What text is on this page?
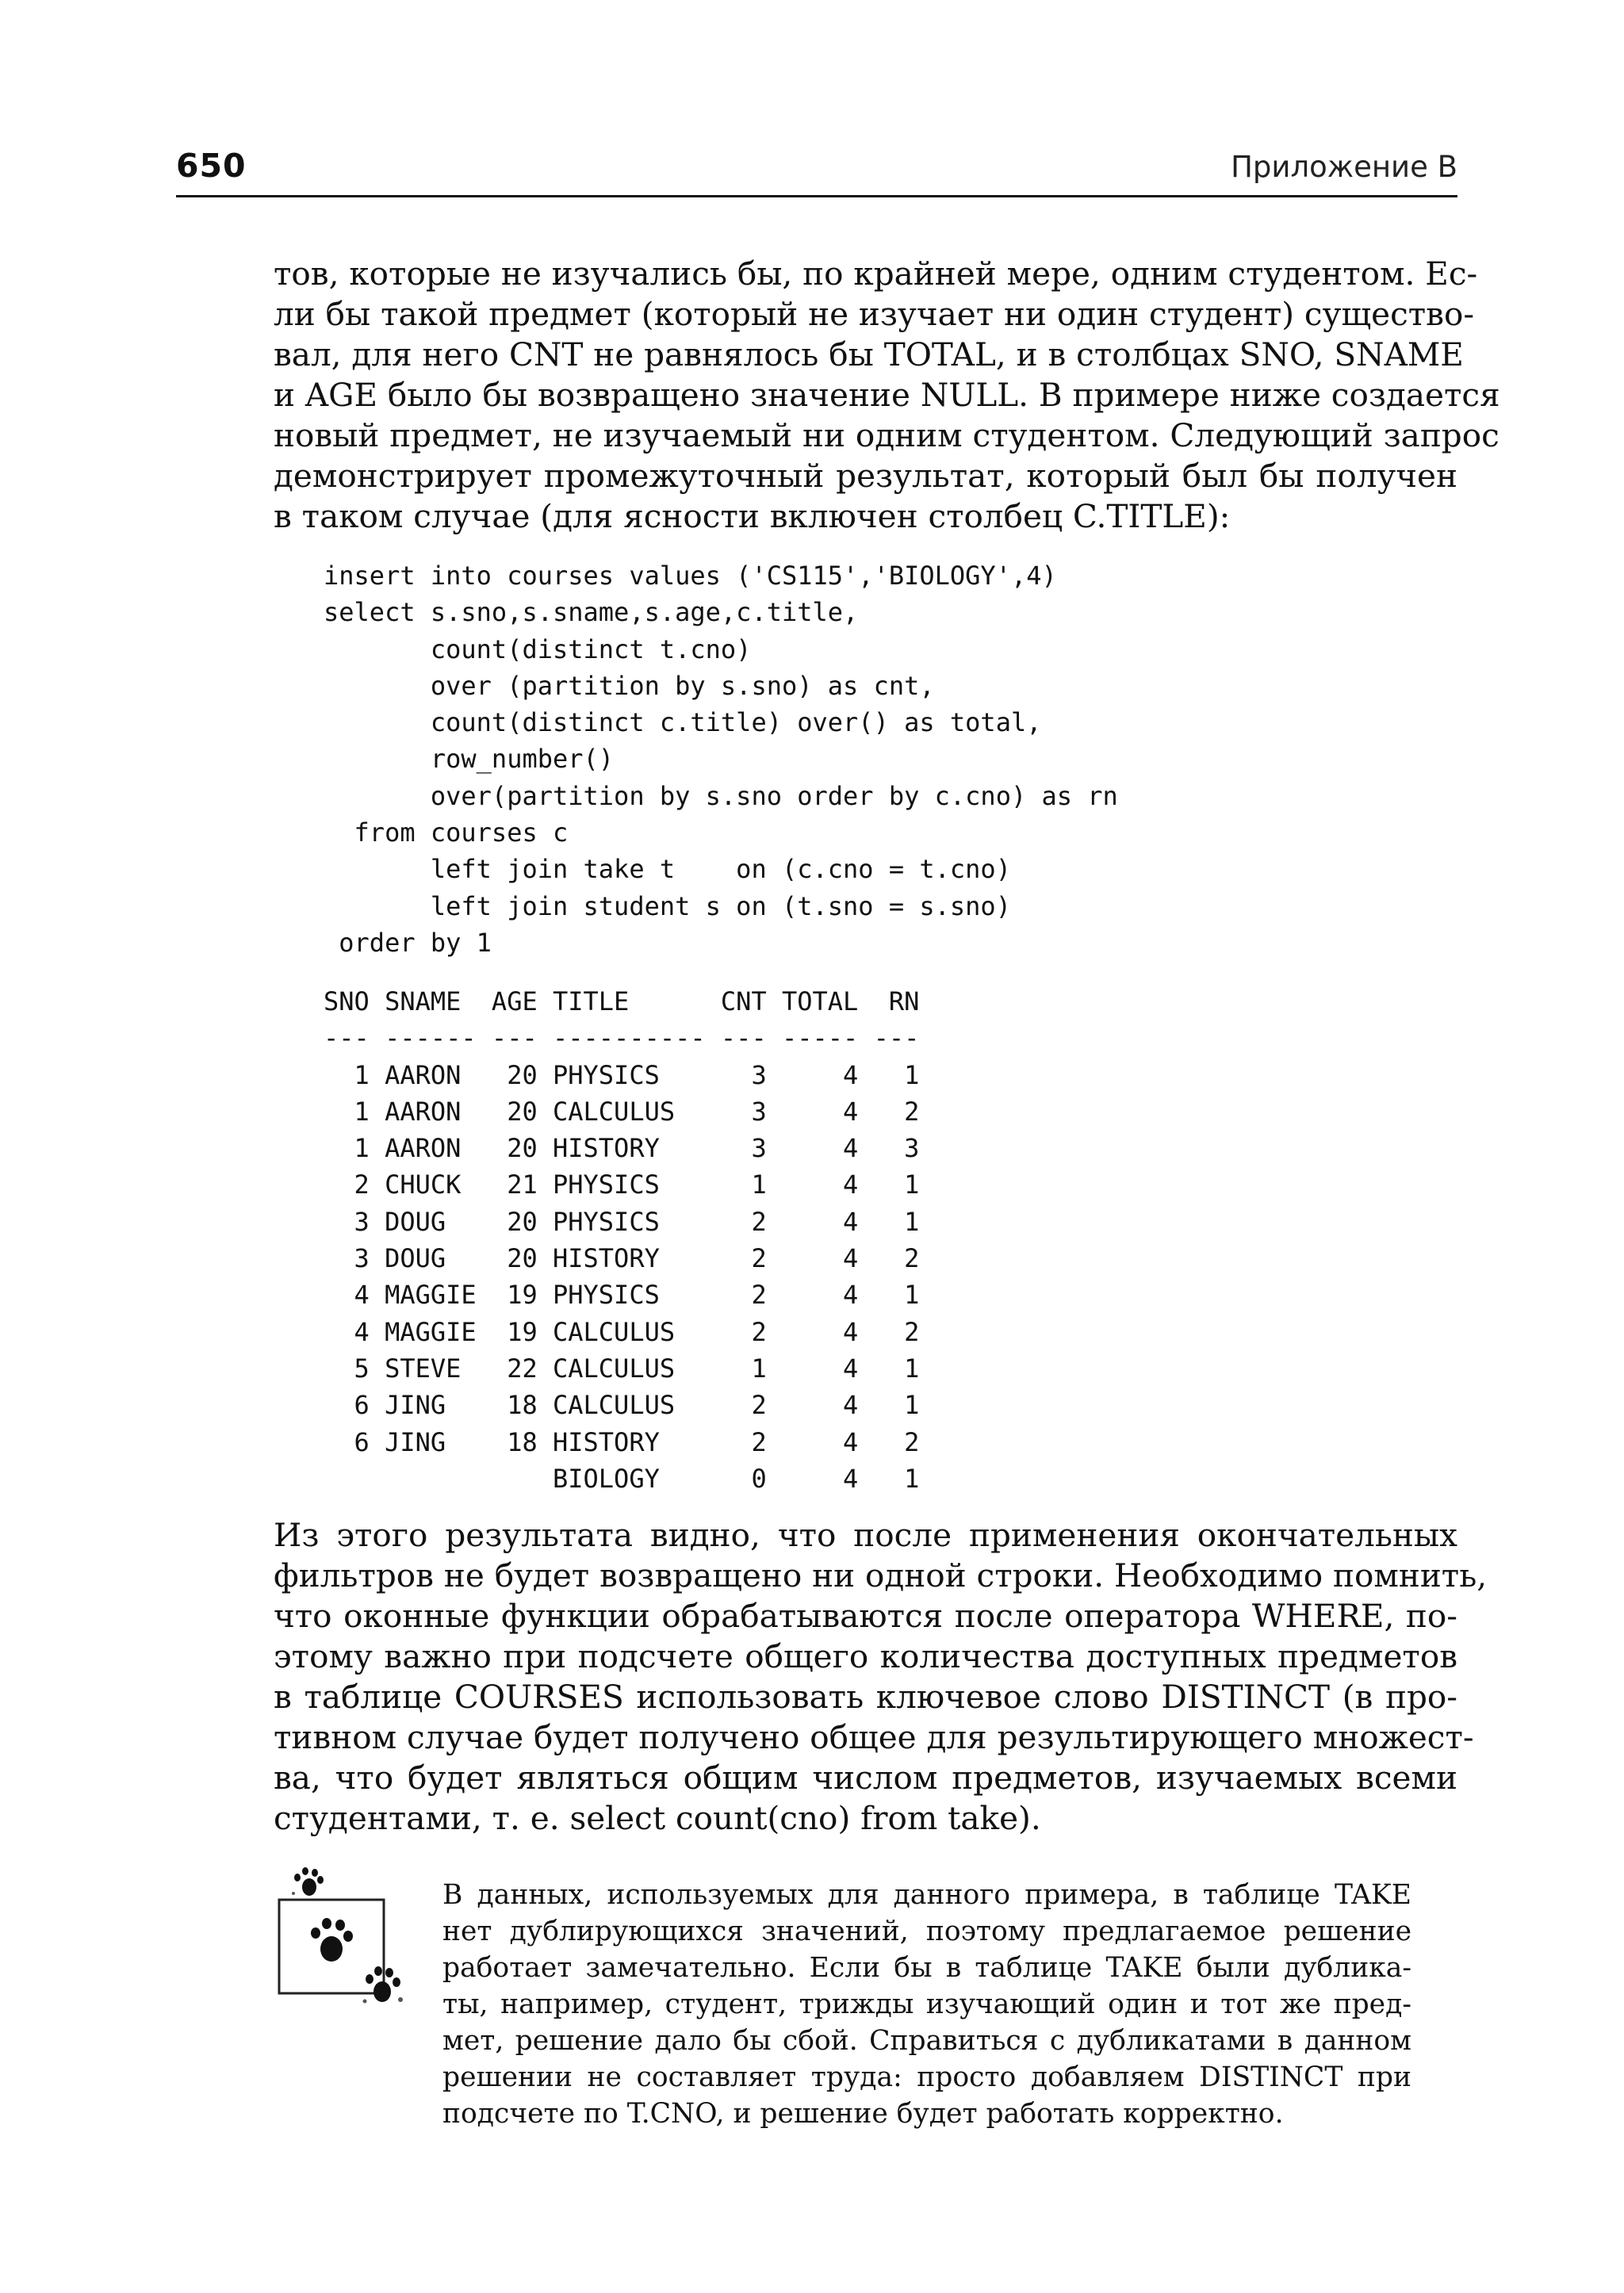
650	Приложение В

тов, которые не изучались бы, по крайней мере, одним студентом. Ес-
ли бы такой предмет (который не изучает ни один студент) существо-
вал, для него CNT не равнялось бы TOTAL, и в столбцах SNO, SNAME
и AGE было бы возвращено значение NULL. В примере ниже создается
новый предмет, не изучаемый ни одним студентом. Следующий запрос
демонстрирует промежуточный результат, который был бы получен
в таком случае (для ясности включен столбец C.TITLE):

insert into courses values ('CS115','BIOLOGY',4)
select s.sno,s.sname,s.age,c.title,
count(distinct t.cno)
over (partition by s.sno) as cnt,
count(distinct c.title) over() as total,
row_number()
over(partition by s.sno order by c.cno) as rn
from courses c
left join take t    on (c.cno = t.cno)
left join student s on (t.sno = s.sno)
order by 1
SNO SNAME  AGE TITLE      CNT TOTAL  RN
--- ------ --- ---------- --- ----- ---
1 AARON   20 PHYSICS      3     4   1
1 AARON   20 CALCULUS     3     4   2
1 AARON   20 HISTORY      3     4   3
2 CHUCK   21 PHYSICS      1     4   1
3 DOUG    20 PHYSICS      2     4   1
3 DOUG    20 HISTORY      2     4   2
4 MAGGIE  19 PHYSICS      2     4   1
4 MAGGIE  19 CALCULUS     2     4   2
5 STEVE   22 CALCULUS     1     4   1
6 JING    18 CALCULUS     2     4   1
6 JING    18 HISTORY      2     4   2
BIOLOGY      0     4   1

Из этого результата видно, что после применения окончательных
фильтров не будет возвращено ни одной строки. Необходимо помнить,
что оконные функции обрабатываются после оператора WHERE, по-
этому важно при подсчете общего количества доступных предметов
в таблице COURSES использовать ключевое слово DISTINCT (в про-
тивном случае будет получено общее для результирующего множест-
ва, что будет являться общим числом предметов, изучаемых всеми
студентами, т. е. select count(cno) from take).

В данных, используемых для данного примера, в таблице TAKE
нет дублирующихся значений, поэтому предлагаемое решение
работает замечательно. Если бы в таблице TAKE были дублика-
ты, например, студент, трижды изучающий один и тот же пред-
мет, решение дало бы сбой. Справиться с дубликатами в данном
решении не составляет труда: просто добавляем DISTINCT при
подсчете по T.CNO, и решение будет работать корректно.
